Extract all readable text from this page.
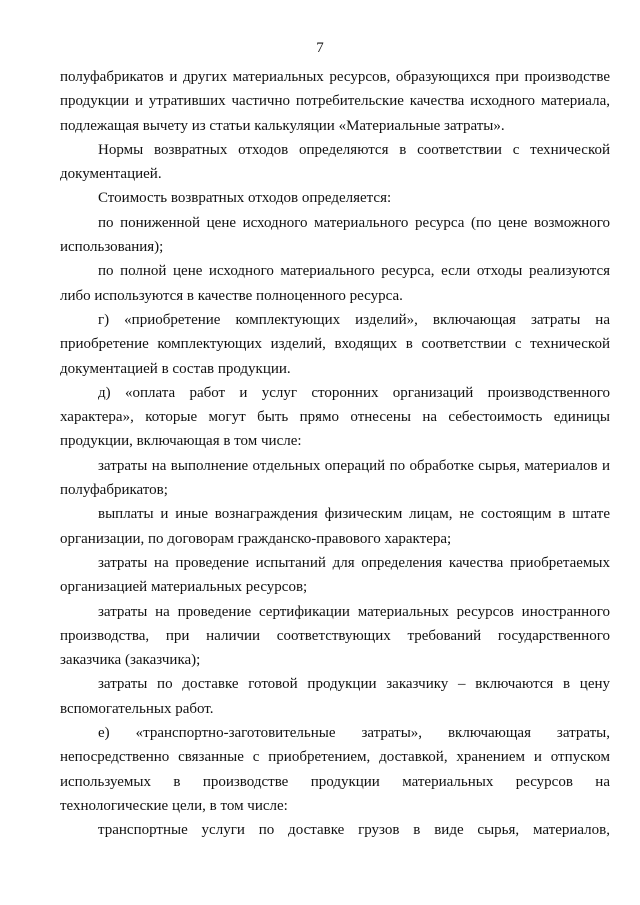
7

полуфабрикатов и других материальных ресурсов, образующихся при производстве продукции и утративших частично потребительские качества исходного материала, подлежащая вычету из статьи калькуляции «Материальные затраты».

Нормы возвратных отходов определяются в соответствии с технической документацией.

Стоимость возвратных отходов определяется:

по пониженной цене исходного материального ресурса (по цене возможного использования);

по полной цене исходного материального ресурса, если отходы реализуются либо используются в качестве полноценного ресурса.

г) «приобретение комплектующих изделий», включающая затраты на приобретение комплектующих изделий, входящих в соответствии с технической документацией в состав продукции.

д) «оплата работ и услуг сторонних организаций производственного характера», которые могут быть прямо отнесены на себестоимость единицы продукции, включающая в том числе:

затраты на выполнение отдельных операций по обработке сырья, материалов и полуфабрикатов;

выплаты и иные вознаграждения физическим лицам, не состоящим в штате организации, по договорам гражданско-правового характера;

затраты на проведение испытаний для определения качества приобретаемых организацией материальных ресурсов;

затраты на проведение сертификации материальных ресурсов иностранного производства, при наличии соответствующих требований государственного заказчика (заказчика);

затраты по доставке готовой продукции заказчику – включаются в цену вспомогательных работ.

е) «транспортно-заготовительные затраты», включающая затраты, непосредственно связанные с приобретением, доставкой, хранением и отпуском используемых в производстве продукции материальных ресурсов на технологические цели, в том числе:

транспортные услуги по доставке грузов в виде сырья, материалов,
